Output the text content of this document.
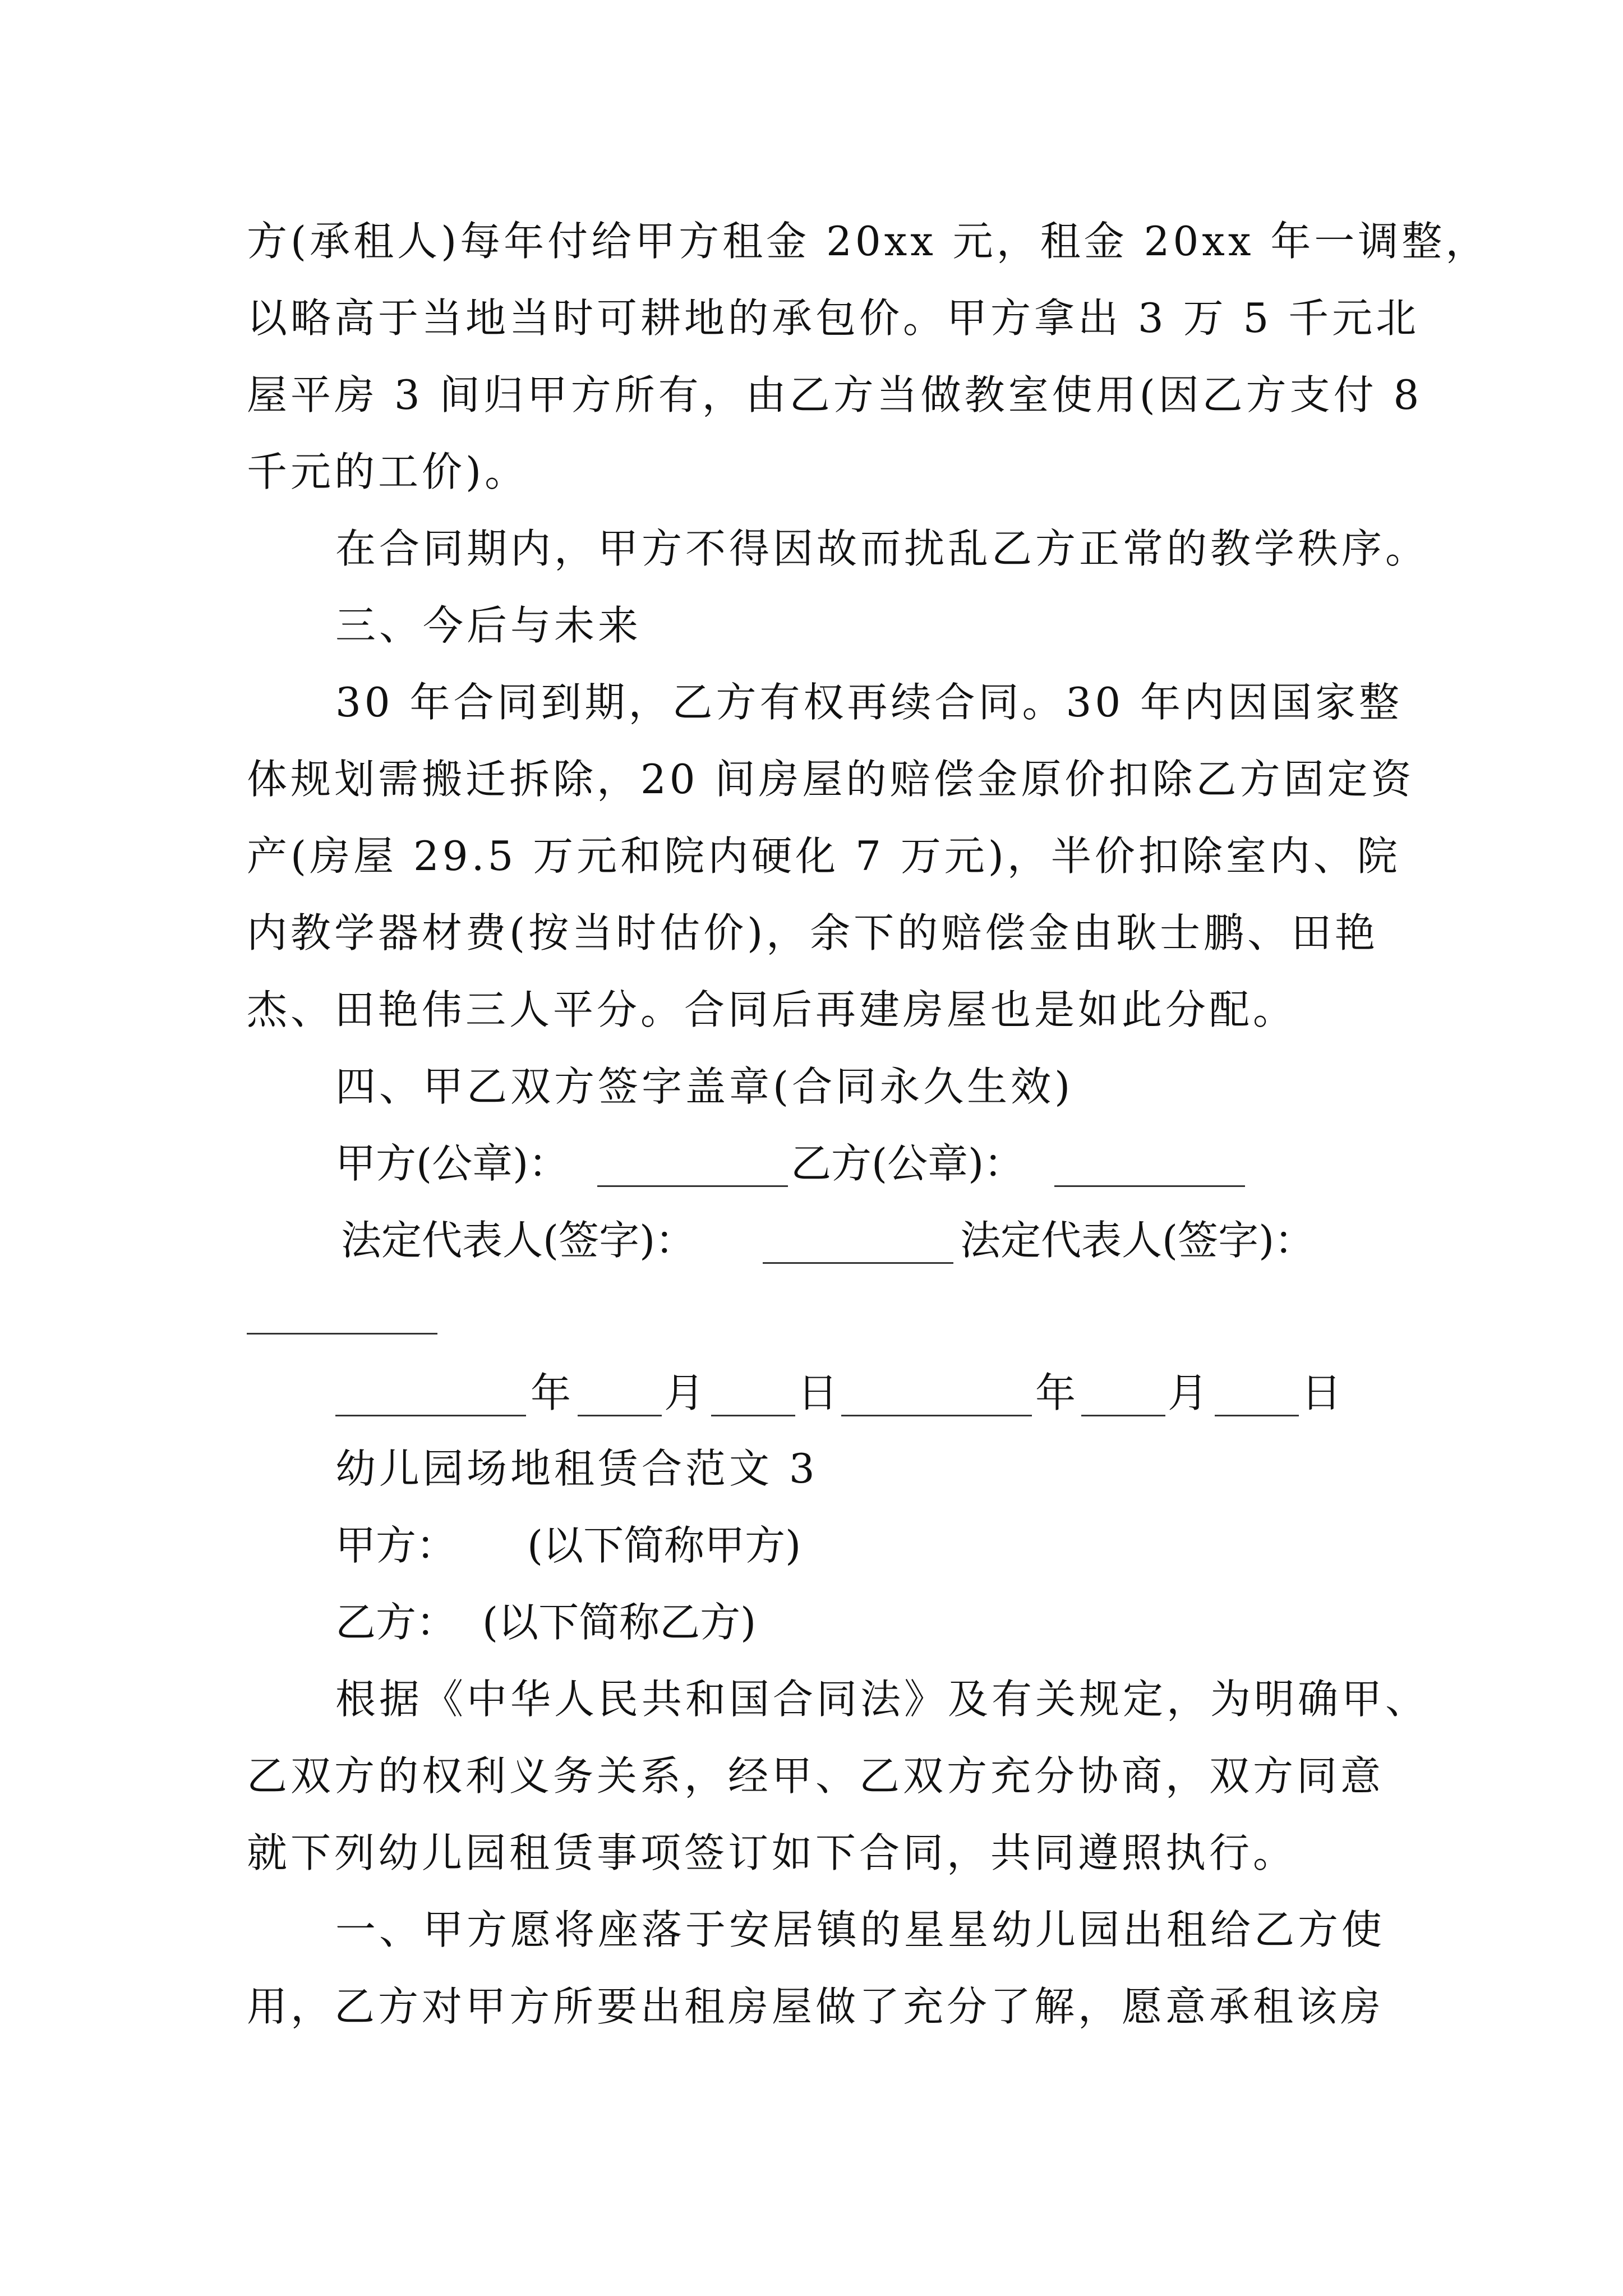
方(承租人)每年付给甲方租金 20xx 元，租金 20xx 年一调整，
以略高于当地当时可耕地的承包价。甲方拿出 3 万 5 千元北
屋平房 3 间归甲方所有，由乙方当做教室使用(因乙方支付 8
千元的工价)。
在合同期内，甲方不得因故而扰乱乙方正常的教学秩序。
三、今后与未来
30 年合同到期，乙方有权再续合同。30 年内因国家整
体规划需搬迁拆除，20 间房屋的赔偿金原价扣除乙方固定资
产(房屋 29.5 万元和院内硬化 7 万元)，半价扣除室内、院
内教学器材费(按当时估价)，余下的赔偿金由耿士鹏、田艳
杰、田艳伟三人平分。合同后再建房屋也是如此分配。
四、甲乙双方签字盖章(合同永久生效)
甲方(公章)：	乙方(公章)：
法定代表人(签字)：	法定代表人(签字)：
年 月 日	年 月 日
幼儿园场地租赁合范文 3
甲方： (以下简称甲方)
乙方： (以下简称乙方)
根据《中华人民共和国合同法》及有关规定，为明确甲、
乙双方的权利义务关系，经甲、乙双方充分协商，双方同意
就下列幼儿园租赁事项签订如下合同，共同遵照执行。
一、甲方愿将座落于安居镇的星星幼儿园出租给乙方使
用，乙方对甲方所要出租房屋做了充分了解，愿意承租该房
